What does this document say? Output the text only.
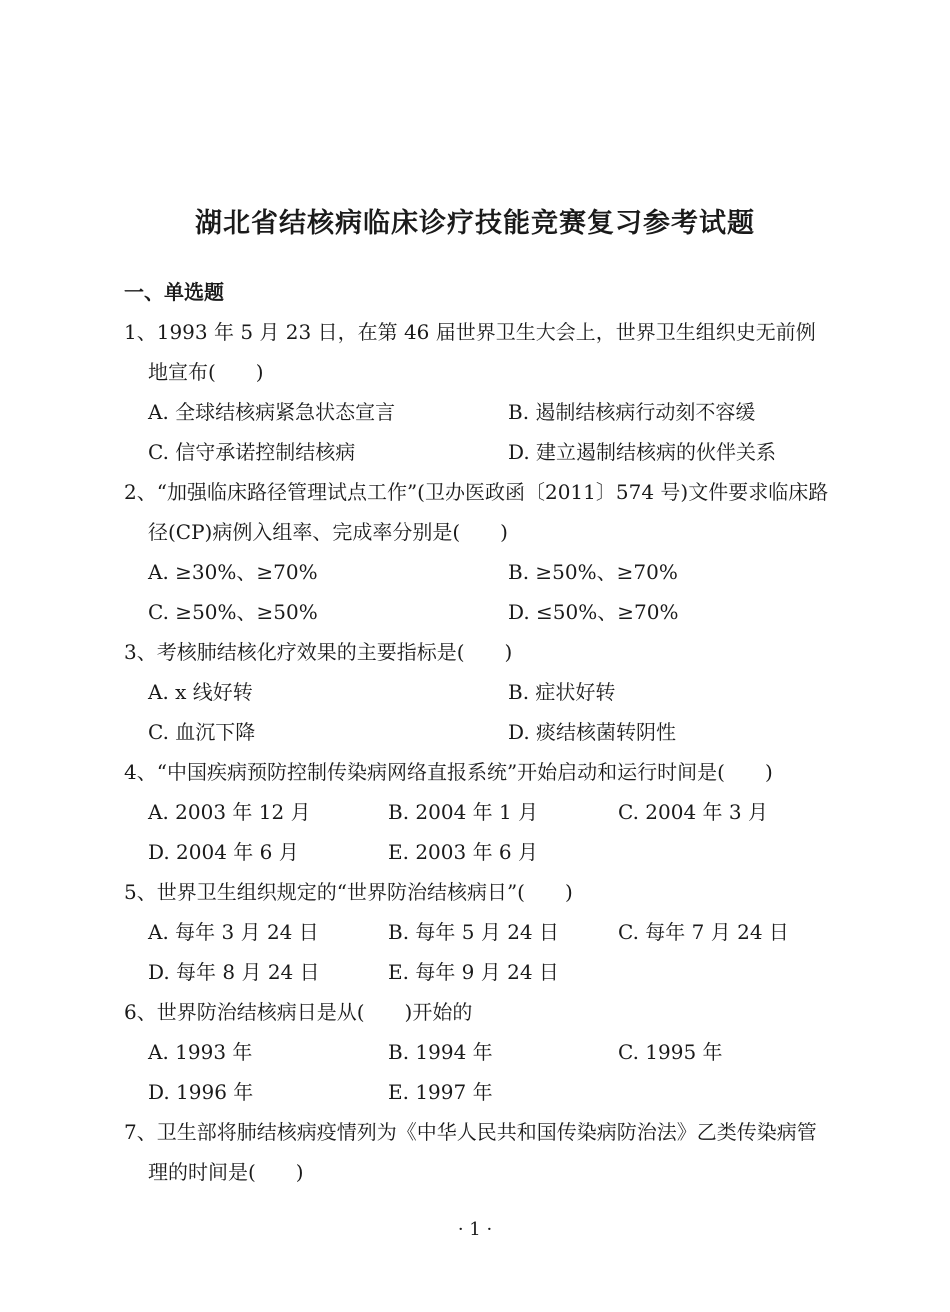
湖北省结核病临床诊疗技能竞赛复习参考试题
一、单选题
1、1993 年 5 月 23 日，在第 46 届世界卫生大会上，世界卫生组织史无前例地宣布(　　)
A. 全球结核病紧急状态宣言	B. 遏制结核病行动刻不容缓
C. 信守承诺控制结核病	D. 建立遏制结核病的伙伴关系
2、“加强临床路径管理试点工作”(卫办医政函〔2011〕574 号)文件要求临床路径(CP)病例入组率、完成率分别是(　　)
A. ≥30%、≥70%	B. ≥50%、≥70%
C. ≥50%、≥50%	D. ≤50%、≥70%
3、考核肺结核化疗效果的主要指标是(　　)
A. x 线好转	B. 症状好转
C. 血沉下降	D. 痰结核菌转阴性
4、“中国疾病预防控制传染病网络直报系统”开始启动和运行时间是(　　)
A. 2003 年 12 月	B. 2004 年 1 月	C. 2004 年 3 月
D. 2004 年 6 月	E. 2003 年 6 月
5、世界卫生组织规定的“世界防治结核病日”(　　)
A. 每年 3 月 24 日	B. 每年 5 月 24 日	C. 每年 7 月 24 日
D. 每年 8 月 24 日	E. 每年 9 月 24 日
6、世界防治结核病日是从(　　)开始的
A. 1993 年	B. 1994 年	C. 1995 年
D. 1996 年	E. 1997 年
7、卫生部将肺结核病疫情列为《中华人民共和国传染病防治法》乙类传染病管理的时间是(　　)
· 1 ·
